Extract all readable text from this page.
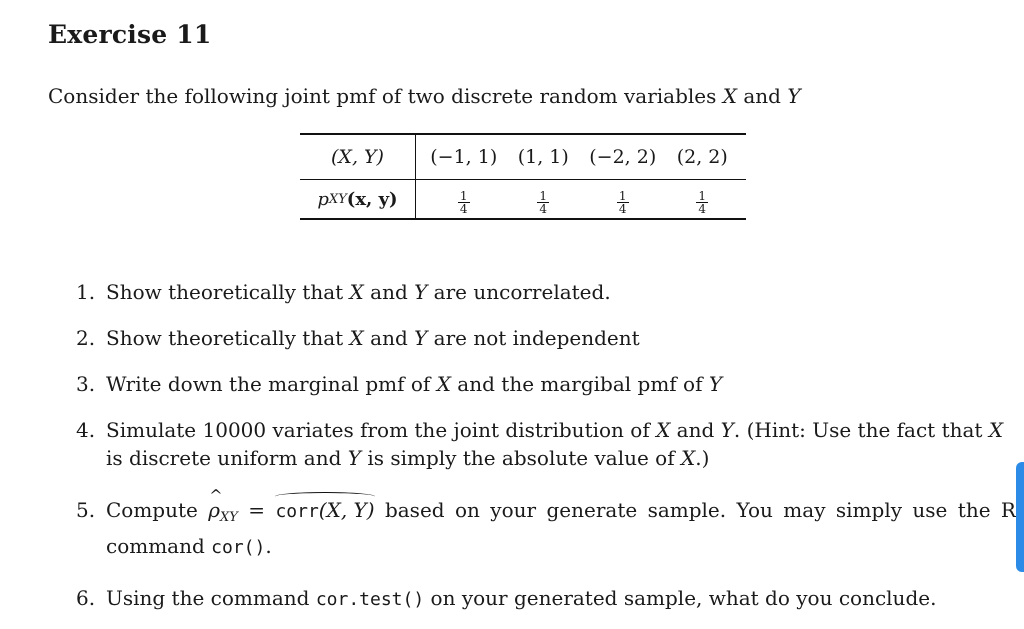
Exercise 11
Consider the following joint pmf of two discrete random variables X and Y
(X, Y)	(−1, 1)	(1, 1)	(−2, 2)	(2, 2)
p XY (x, y)	$\frac{1}{4}$	$\frac{1}{4}$	$\frac{1}{4}$	$\frac{1}{4}$
1. Show theoretically that X and Y are uncorrelated.
2. Show theoretically that X and Y are not independent
3. Write down the marginal pmf of X and the margibal pmf of Y
4. Simulate 10000 variates from the joint distribution of X and Y. (Hint: Use the fact that X
is discrete uniform and Y is simply the absolute value of X.)
5. Compute ^ $\rho_{XY}$ = corr(X, Y) based on your generate sample. You may simply use the R command cor().
6. Using the command cor.test() on your generated sample, what do you conclude.
